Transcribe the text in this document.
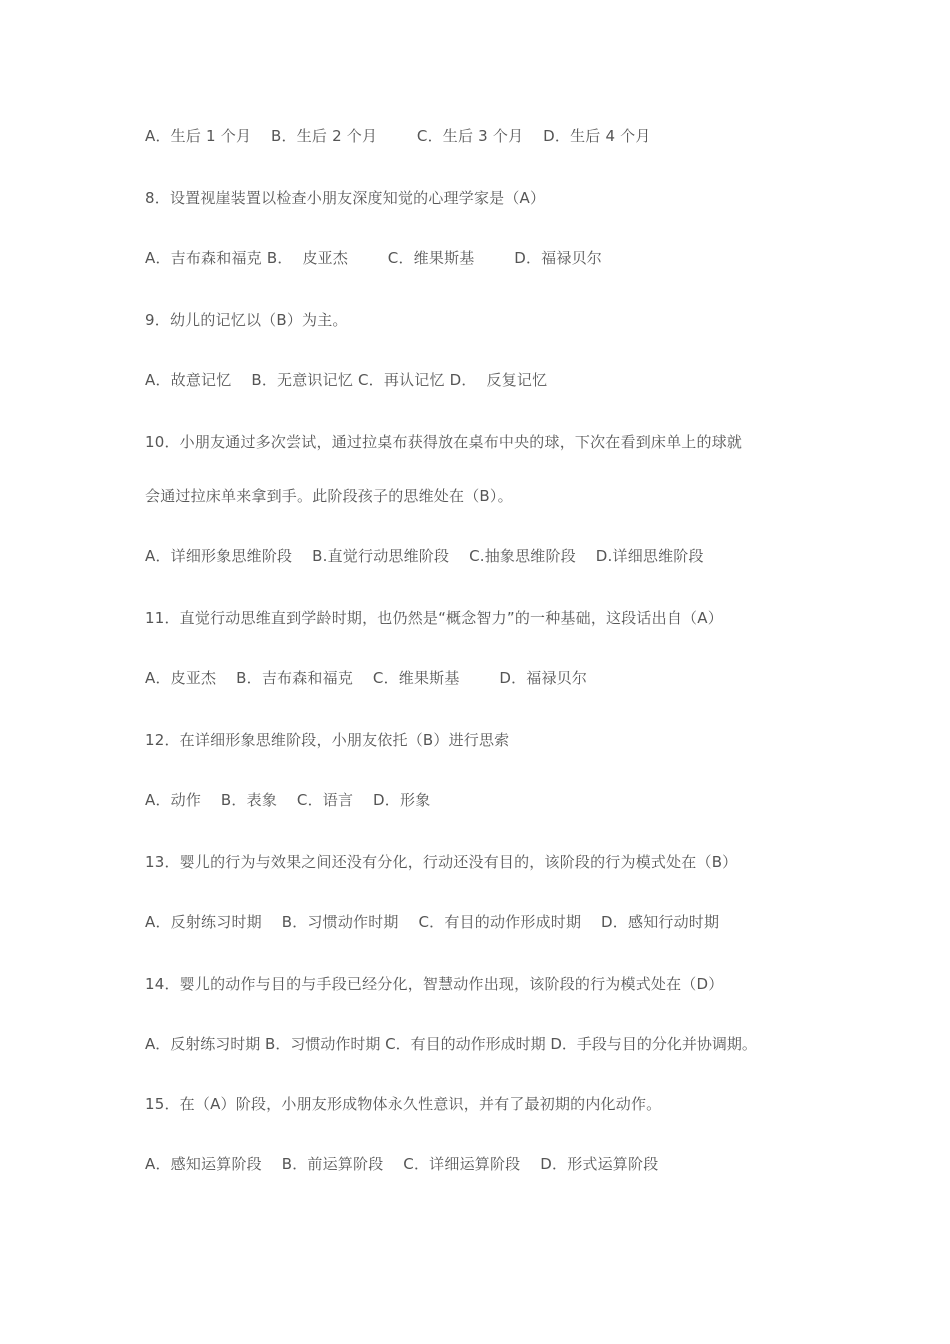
A．生后 1 个月    B．生后 2 个月        C．生后 3 个月    D．生后 4 个月

8．设置视崖装置以检查小朋友深度知觉的心理学家是（A）

A．吉布森和福克 B．  皮亚杰        C．维果斯基        D．福禄贝尔

9．幼儿的记忆以（B）为主。

A．故意记忆    B．无意识记忆 C．再认记忆 D．  反复记忆

10．小朋友通过多次尝试，通过拉桌布获得放在桌布中央的球，下次在看到床单上的球就

会通过拉床单来拿到手。此阶段孩子的思维处在（B）。

A．详细形象思维阶段    B.直觉行动思维阶段    C.抽象思维阶段    D.详细思维阶段

11．直觉行动思维直到学龄时期，也仍然是“概念智力”的一种基础，这段话出自（A）

A．皮亚杰    B．吉布森和福克    C．维果斯基        D．福禄贝尔

12．在详细形象思维阶段，小朋友依托（B）进行思索

A．动作    B．表象    C．语言    D．形象

13．婴儿的行为与效果之间还没有分化，行动还没有目的，该阶段的行为模式处在（B）

A．反射练习时期    B．习惯动作时期    C．有目的动作形成时期    D．感知行动时期

14．婴儿的动作与目的与手段已经分化，智慧动作出现，该阶段的行为模式处在（D）

A．反射练习时期 B．习惯动作时期 C．有目的动作形成时期 D．手段与目的分化并协调期。

15．在（A）阶段，小朋友形成物体永久性意识，并有了最初期的内化动作。

A．感知运算阶段    B．前运算阶段    C．详细运算阶段    D．形式运算阶段
